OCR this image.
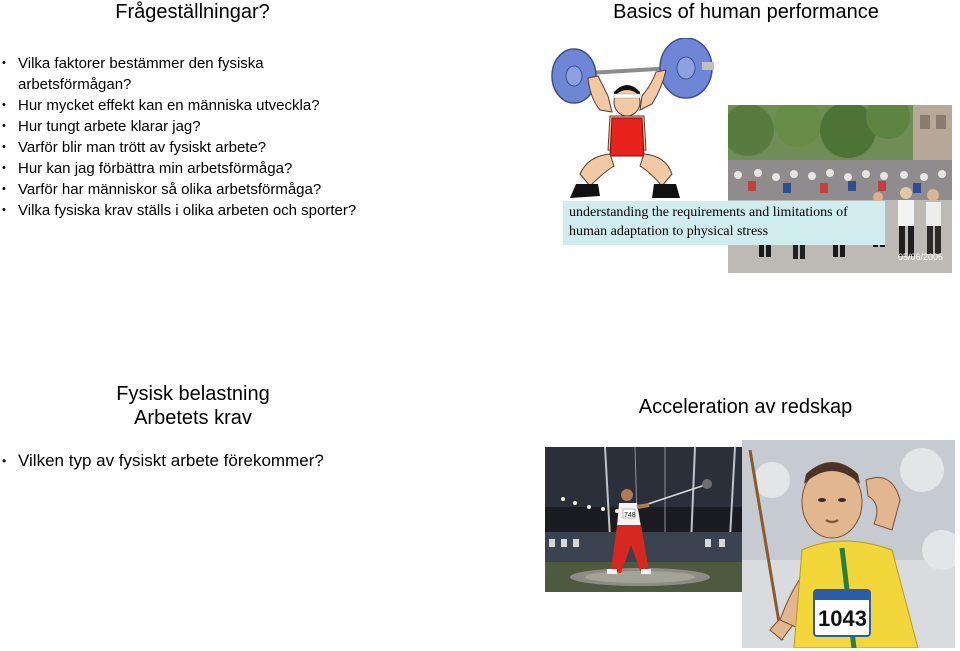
Frågeställningar?
• Vilka faktorer bestämmer den fysiska arbetsförmågan?
• Hur mycket effekt kan en människa utveckla?
• Hur tungt arbete klarar jag?
• Varför blir man trött av fysiskt arbete?
• Hur kan jag förbättra min arbetsförmåga?
• Varför har människor så olika arbetsförmåga?
• Vilka fysiska krav ställs i olika arbeten och sporter?
Basics of human performance
05/06/2005
understanding the requirements and limitations of
human adaptation to physical stress
Fysisk belastning
Arbetets krav
• Vilken typ av fysiskt arbete förekommer?
Acceleration av redskap
748
1043
